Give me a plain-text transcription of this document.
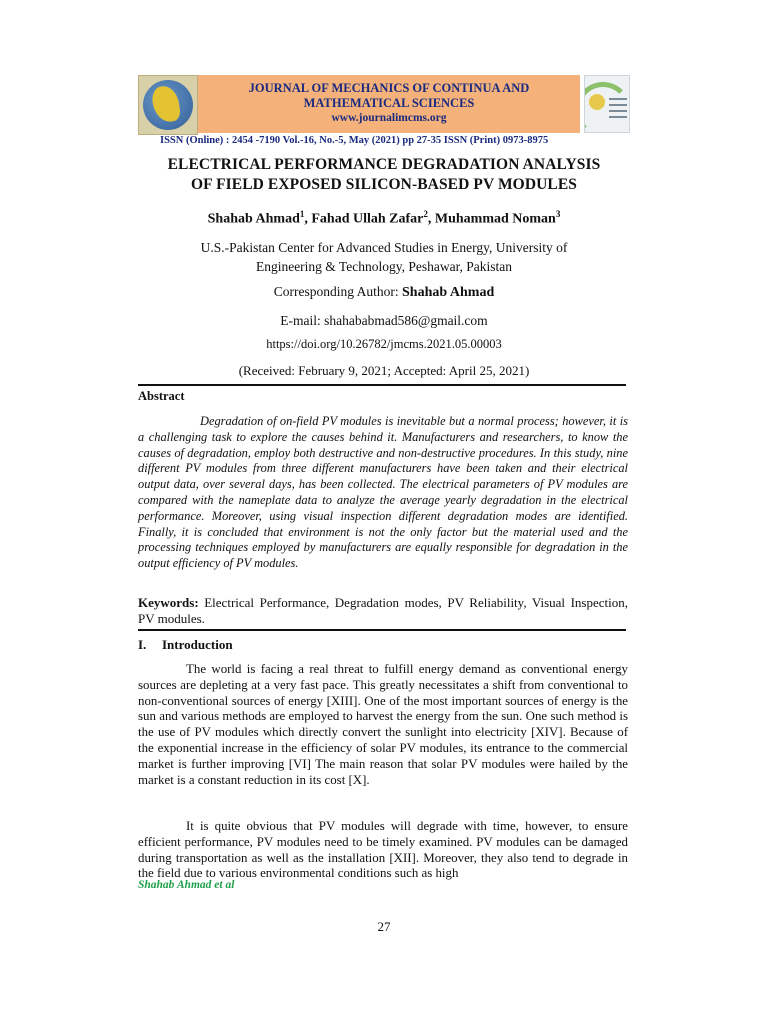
JOURNAL OF MECHANICS OF CONTINUA AND
MATHEMATICAL SCIENCES
www.journalimcms.org
ISSN (Online) : 2454 -7190 Vol.-16, No.-5, May (2021) pp 27-35 ISSN (Print) 0973-8975
ELECTRICAL PERFORMANCE DEGRADATION ANALYSIS
OF FIELD EXPOSED SILICON-BASED PV MODULES
Shahab Ahmad$^1$, Fahad Ullah Zafar$^2$, Muhammad Noman$^3$
U.S.-Pakistan Center for Advanced Studies in Energy, University of
Engineering & Technology, Peshawar, Pakistan
Corresponding Author: Shahab Ahmad
E-mail: shahababmad586@gmail.com
https://doi.org/10.26782/jmcms.2021.05.00003
(Received: February 9, 2021; Accepted: April 25, 2021)
Abstract
Degradation of on-field PV modules is inevitable but a normal process; however, it is a challenging task to explore the causes behind it. Manufacturers and researchers, to know the causes of degradation, employ both destructive and non-destructive procedures. In this study, nine different PV modules from three different manufacturers have been taken and their electrical output data, over several days, has been collected. The electrical parameters of PV modules are compared with the nameplate data to analyze the average yearly degradation in the electrical performance. Moreover, using visual inspection different degradation modes are identified. Finally, it is concluded that environment is not the only factor but the material used and the processing techniques employed by manufacturers are equally responsible for degradation in the output efficiency of PV modules.
Keywords: Electrical Performance, Degradation modes, PV Reliability, Visual Inspection, PV modules.
I. Introduction
The world is facing a real threat to fulfill energy demand as conventional energy sources are depleting at a very fast pace. This greatly necessitates a shift from conventional to non-conventional sources of energy [XIII]. One of the most important sources of energy is the sun and various methods are employed to harvest the energy from the sun. One such method is the use of PV modules which directly convert the sunlight into electricity [XIV]. Because of the exponential increase in the efficiency of solar PV modules, its entrance to the commercial market is further improving [VI] The main reason that solar PV modules were hailed by the market is a constant reduction in its cost [X].
It is quite obvious that PV modules will degrade with time, however, to ensure efficient performance, PV modules need to be timely examined. PV modules can be damaged during transportation as well as the installation [XII]. Moreover, they also tend to degrade in the field due to various environmental conditions such as high
Shahab Ahmad et al
27
